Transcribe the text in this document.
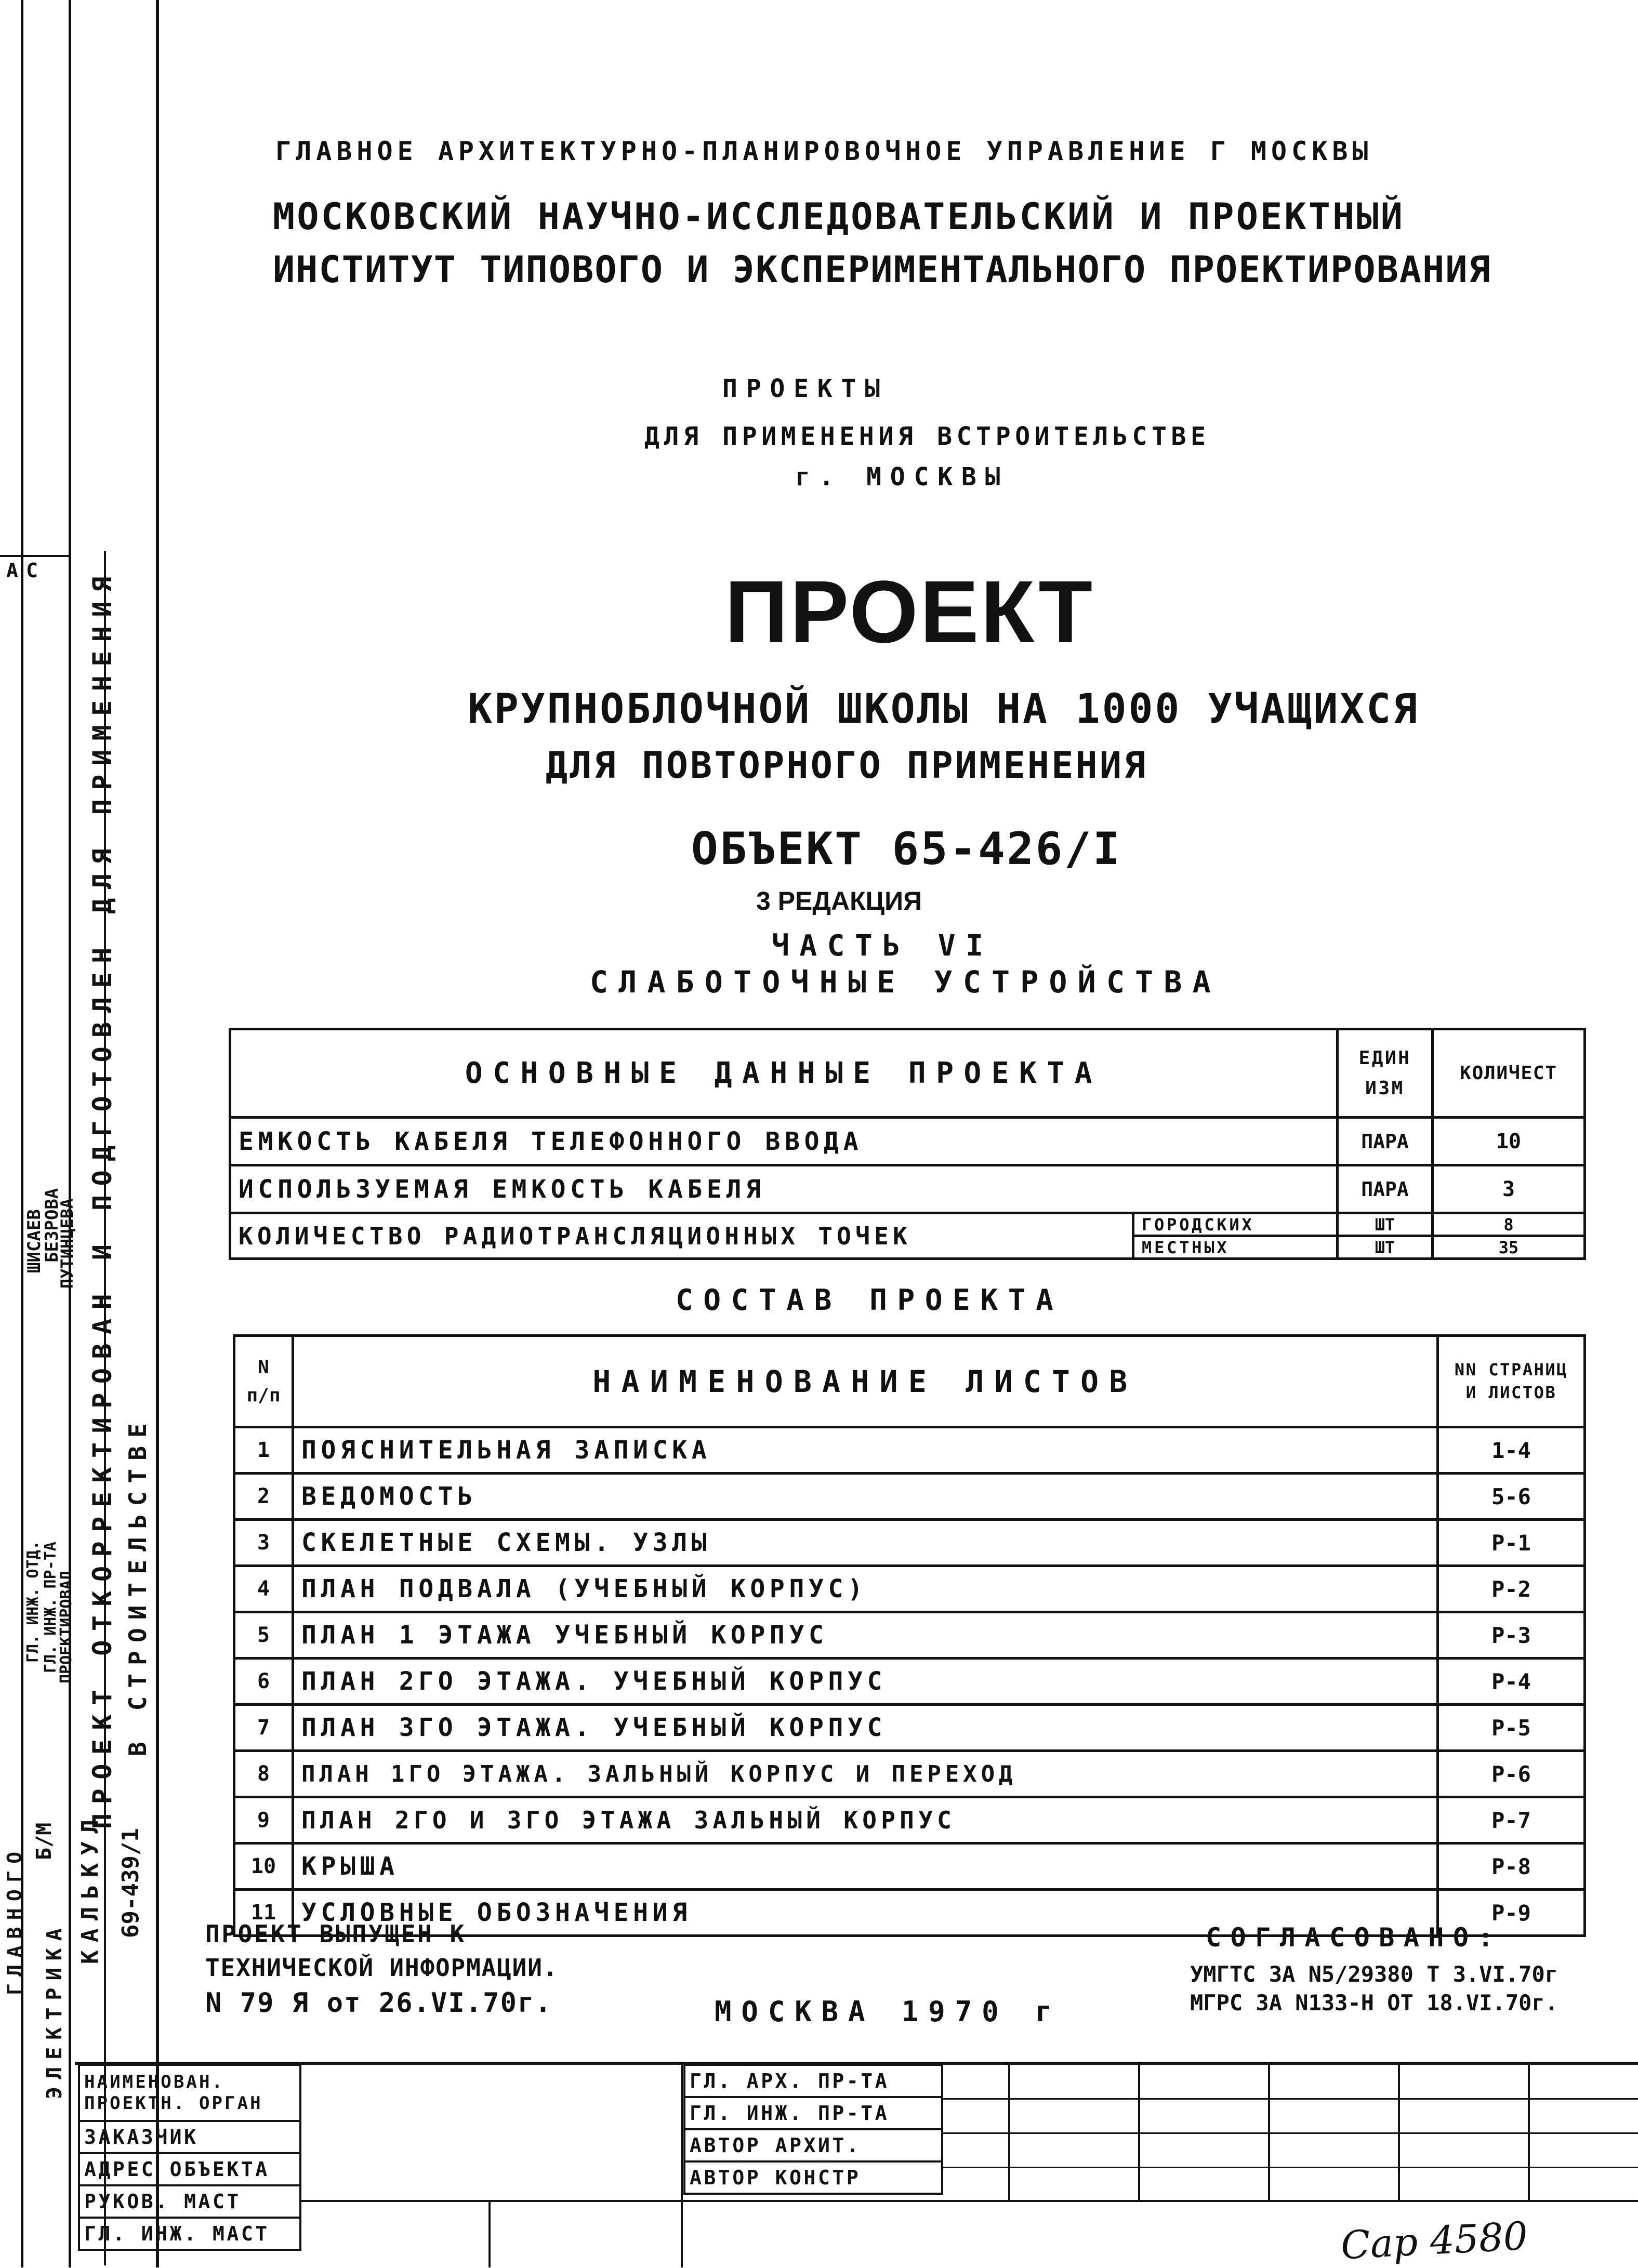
АС ПРОЕКТ ОТКОРРЕКТИРОВАН И ПОДГОТОВЛЕН ДЛЯ ПРИМЕНЕНИЯ В СТРОИТЕЛЬСТВЕ
Б/М
ГЛ. ИНЖ. ОТД. ГЛ. ИНЖ. ПР-ТА
ПРОЕКТИРОВАЛ
ШИСАЕВ
БЕЗРОВА
ПУТИНЦЕВА
КАЛЬКУЛ 69-439/1
ЭЛЕКТРИКА
ГЛАВНОГО
ГЛАВНОЕ АРХИТЕКТУРНО-ПЛАНИРОВОЧНОЕ УПРАВЛЕНИЕ Г МОСКВЫ
МОСКОВСКИЙ НАУЧНО-ИССЛЕДОВАТЕЛЬСКИЙ И ПРОЕКТНЫЙ
ИНСТИТУТ ТИПОВОГО И ЭКСПЕРИМЕНТАЛЬНОГО ПРОЕКТИРОВАНИЯ
ПРОЕКТЫ
ДЛЯ ПРИМЕНЕНИЯ ВСТРОИТЕЛЬСТВЕ
г. МОСКВЫ
ПРОЕКТ
КРУПНОБЛОЧНОЙ ШКОЛЫ НА 1000 УЧАЩИХСЯ
ДЛЯ ПОВТОРНОГО ПРИМЕНЕНИЯ
ОБЪЕКТ 65-426/I
3 РЕДАКЦИЯ
ЧАСТЬ VI
СЛАБОТОЧНЫЕ УСТРОЙСТВА
ОСНОВНЫЕ ДАННЫЕ ПРОЕКТА		ЕДИН ИЗМ	КОЛИЧЕСТ
ЕМКОСТЬ КАБЕЛЯ ТЕЛЕФОННОГО ВВОДА		ПАРА	10
ИСПОЛЬЗУЕМАЯ ЕМКОСТЬ КАБЕЛЯ		ПАРА	3
КОЛИЧЕСТВО РАДИОТРАНСЛЯЦИОННЫХ ТОЧЕК	ГОРОДСКИХ	ШТ	8
	МЕСТНЫХ	ШТ	35
СОСТАВ ПРОЕКТА
N п/п	НАИМЕНОВАНИЕ ЛИСТОВ	NN СТРАНИЦ И ЛИСТОВ
1	ПОЯСНИТЕЛЬНАЯ ЗАПИСКА	1-4
2	ВЕДОМОСТЬ	5-6
3	СКЕЛЕТНЫЕ СХЕМЫ. УЗЛЫ	Р-1
4	ПЛАН ПОДВАЛА (УЧЕБНЫЙ КОРПУС)	Р-2
5	ПЛАН 1 ЭТАЖА УЧЕБНЫЙ КОРПУС	Р-3
6	ПЛАН 2ГО ЭТАЖА. УЧЕБНЫЙ КОРПУС	Р-4
7	ПЛАН 3ГО ЭТАЖА. УЧЕБНЫЙ КОРПУС	Р-5
8	ПЛАН 1ГО ЭТАЖА. ЗАЛЬНЫЙ КОРПУС И ПЕРЕХОД	Р-6
9	ПЛАН 2ГО И 3ГО ЭТАЖА ЗАЛЬНЫЙ КОРПУС	Р-7
10	КРЫША	Р-8
11	УСЛОВНЫЕ ОБОЗНАЧЕНИЯ	Р-9
ПРОЕКТ ВЫПУЩЕН К
ТЕХНИЧЕСКОЙ ИНФОРМАЦИИ.
N 79 Я от 26.VI.70г.	МОСКВА 1970 г
СОГЛАСОВАНО:
УМГТС ЗА N5/29380 Т 3.VI.70г
МГРС ЗА N133-Н ОТ 18.VI.70г.
НАИМЕНОВАН. ПРОЕКТН. ОРГАН
ЗАКАЗЧИК
АДРЕС ОБЪЕКТА
РУКОВ. МАСТ
ГЛ. ИНЖ. МАСТ
ГЛ. АРХ. ПР-ТА
ГЛ. ИНЖ. ПР-ТА
АВТОР АРХИТ.
АВТОР КОНСТР
Cap 4580
